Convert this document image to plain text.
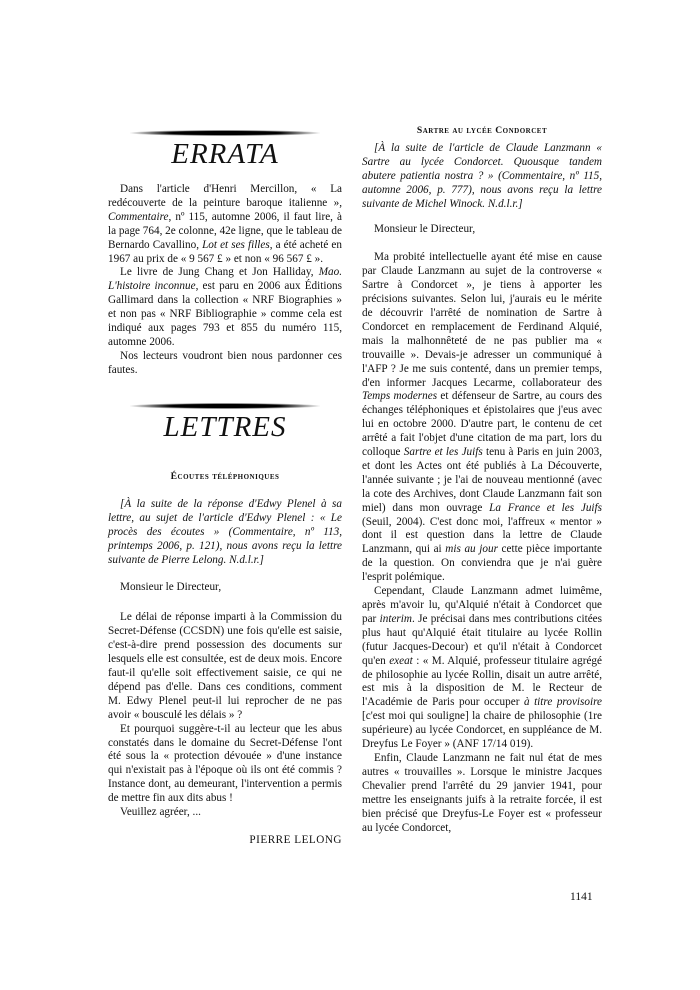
ERRATA

Dans l'article d'Henri Mercillon, « La redécouverte de la peinture baroque italienne », Commentaire, nº 115, automne 2006, il faut lire, à la page 764, 2e colonne, 42e ligne, que le tableau de Bernardo Cavallino, Lot et ses filles, a été acheté en 1967 au prix de « 9 567 £ » et non « 96 567 £ ».

Le livre de Jung Chang et Jon Halliday, Mao. L'histoire inconnue, est paru en 2006 aux Éditions Gallimard dans la collection « NRF Biographies » et non pas « NRF Bibliographie » comme cela est indiqué aux pages 793 et 855 du numéro 115, automne 2006.

Nos lecteurs voudront bien nous pardonner ces fautes.

LETTRES

Écoutes téléphoniques

[À la suite de la réponse d'Edwy Plenel à sa lettre, au sujet de l'article d'Edwy Plenel : « Le procès des écoutes » (Commentaire, nº 113, printemps 2006, p. 121), nous avons reçu la lettre suivante de Pierre Lelong. N.d.l.r.]

Monsieur le Directeur,

Le délai de réponse imparti à la Commission du Secret-Défense (CCSDN) une fois qu'elle est saisie, c'est-à-dire prend possession des documents sur lesquels elle est consultée, est de deux mois. Encore faut-il qu'elle soit effectivement saisie, ce qui ne dépend pas d'elle. Dans ces conditions, comment M. Edwy Plenel peut-il lui reprocher de ne pas avoir « bousculé les délais » ?

Et pourquoi suggère-t-il au lecteur que les abus constatés dans le domaine du Secret-Défense l'ont été sous la « protection dévouée » d'une instance qui n'existait pas à l'époque où ils ont été commis ? Instance dont, au demeurant, l'intervention a permis de mettre fin aux dits abus !

Veuillez agréer, ...

PIERRE LELONG

Sartre au lycée Condorcet

[À la suite de l'article de Claude Lanzmann « Sartre au lycée Condorcet. Quousque tandem abutere patientia nostra ? » (Commentaire, nº 115, automne 2006, p. 777), nous avons reçu la lettre suivante de Michel Winock. N.d.l.r.]

Monsieur le Directeur,

Ma probité intellectuelle ayant été mise en cause par Claude Lanzmann au sujet de la controverse « Sartre à Condorcet », je tiens à apporter les précisions suivantes. Selon lui, j'aurais eu le mérite de découvrir l'arrêté de nomination de Sartre à Condorcet en remplacement de Ferdinand Alquié, mais la malhonnêteté de ne pas publier ma « trouvaille ». Devais-je adresser un communiqué à l'AFP ? Je me suis contenté, dans un premier temps, d'en informer Jacques Lecarme, collaborateur des Temps modernes et défenseur de Sartre, au cours des échanges téléphoniques et épistolaires que j'eus avec lui en octobre 2000. D'autre part, le contenu de cet arrêté a fait l'objet d'une citation de ma part, lors du colloque Sartre et les Juifs tenu à Paris en juin 2003, et dont les Actes ont été publiés à La Découverte, l'année suivante ; je l'ai de nouveau mentionné (avec la cote des Archives, dont Claude Lanzmann fait son miel) dans mon ouvrage La France et les Juifs (Seuil, 2004). C'est donc moi, l'affreux « mentor » dont il est question dans la lettre de Claude Lanzmann, qui ai mis au jour cette pièce importante de la question. On conviendra que je n'ai guère l'esprit polémique.

Cependant, Claude Lanzmann admet luimême, après m'avoir lu, qu'Alquié n'était à Condorcet que par interim. Je précisai dans mes contributions citées plus haut qu'Alquié était titulaire au lycée Rollin (futur Jacques-Decour) et qu'il n'était à Condorcet qu'en exeat : « M. Alquié, professeur titulaire agrégé de philosophie au lycée Rollin, disait un autre arrêté, est mis à la disposition de M. le Recteur de l'Académie de Paris pour occuper à titre provisoire [c'est moi qui souligne] la chaire de philosophie (1re supérieure) au lycée Condorcet, en suppléance de M. Dreyfus Le Foyer » (ANF 17/14 019).

Enfin, Claude Lanzmann ne fait nul état de mes autres « trouvailles ». Lorsque le ministre Jacques Chevalier prend l'arrêté du 29 janvier 1941, pour mettre les enseignants juifs à la retraite forcée, il est bien précisé que Dreyfus-Le Foyer est « professeur au lycée Condorcet,

1141
